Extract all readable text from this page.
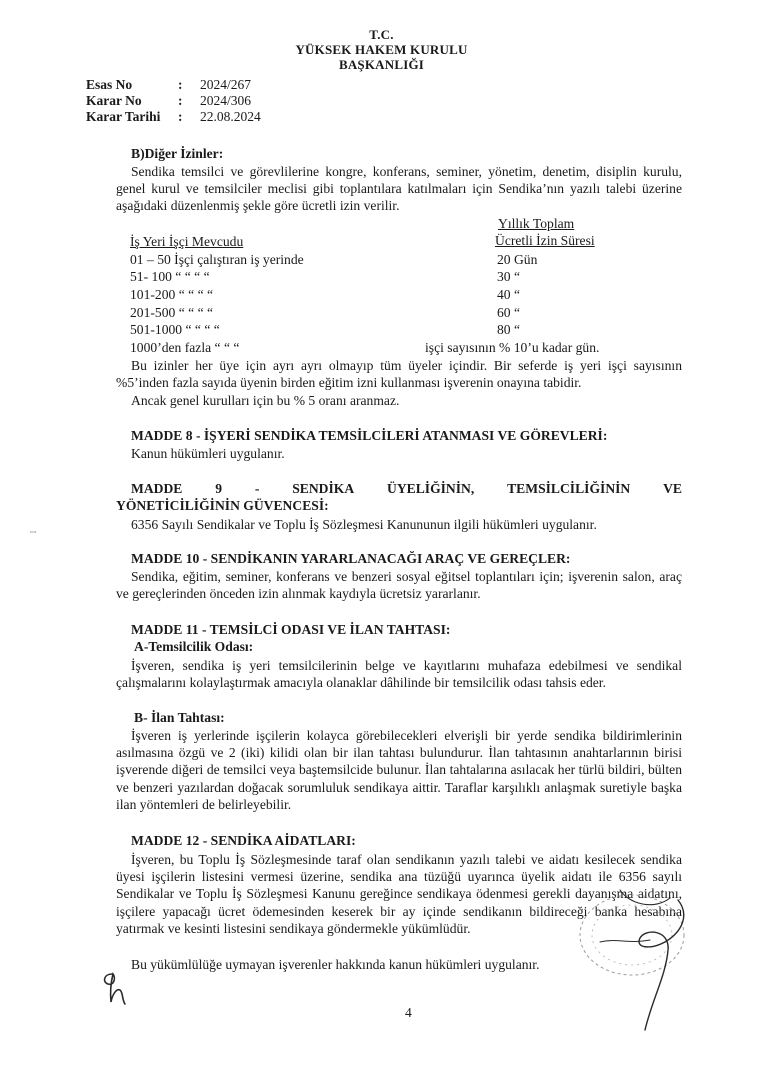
T.C.
YÜKSEK HAKEM KURULU
BAŞKANLIĞI
Esas No	: 2024/267
Karar No	: 2024/306
Karar Tarihi : 22.08.2024
B)Diğer İzinler:
Sendika temsilci ve görevlilerine kongre, konferans, seminer, yönetim, denetim, disiplin kurulu, genel kurul ve temsilciler meclisi gibi toplantılara katılmaları için Sendika’nın yazılı talebi üzerine aşağıdaki düzenlenmiş şekle göre ücretli izin verilir.
Yıllık Toplam
İş Yeri İşçi Mevcudu	Ücretli İzin Süresi
01 – 50 İşçi çalıştıran iş yerinde	20 Gün
51- 100 “ “ “ “	30 “
101-200 “ “ “ “	40 “
201-500 “ “ “ “	60 “
501-1000 “ “ “ “	80 “
1000’den fazla “ “ “	işçi sayısının % 10’u kadar gün.
Bu izinler her üye için ayrı ayrı olmayıp tüm üyeler içindir. Bir seferde iş yeri işçi sayısının %5’inden fazla sayıda üyenin birden eğitim izni kullanması işverenin onayına tabidir.
Ancak genel kurulları için bu % 5 oranı aranmaz.
MADDE 8 - İŞYERİ SENDİKA TEMSİLCİLERİ ATANMASI VE GÖREVLERİ:
Kanun hükümleri uygulanır.
MADDE 9 - SENDİKA ÜYELİĞİNİN, TEMSİLCİLİĞİNİN VE
YÖNETİCİLİĞİNİN GÜVENCESİ:
6356 Sayılı Sendikalar ve Toplu İş Sözleşmesi Kanununun ilgili hükümleri uygulanır.
MADDE 10 - SENDİKANIN YARARLANACAĞI ARAÇ VE GEREÇLER:
Sendika, eğitim, seminer, konferans ve benzeri sosyal eğitsel toplantıları için; işverenin salon, araç ve gereçlerinden önceden izin alınmak kaydıyla ücretsiz yararlanır.
MADDE 11 - TEMSİLCİ ODASI VE İLAN TAHTASI:
A-Temsilcilik Odası:
İşveren, sendika iş yeri temsilcilerinin belge ve kayıtlarını muhafaza edebilmesi ve sendikal çalışmalarını kolaylaştırmak amacıyla olanaklar dâhilinde bir temsilcilik odası tahsis eder.
B- İlan Tahtası:
İşveren iş yerlerinde işçilerin kolayca görebilecekleri elverişli bir yerde sendika bildirimlerinin asılmasına özgü ve 2 (iki) kilidi olan bir ilan tahtası bulundurur. İlan tahtasının anahtarlarının birisi işverende diğeri de temsilci veya baştemsilcide bulunur. İlan tahtalarına asılacak her türlü bildiri, bülten ve benzeri yazılardan doğacak sorumluluk sendikaya aittir. Taraflar karşılıklı anlaşmak suretiyle başka ilan yöntemleri de belirleyebilir.
MADDE 12 - SENDİKA AİDATLARI:
İşveren, bu Toplu İş Sözleşmesinde taraf olan sendikanın yazılı talebi ve aidatı kesilecek sendika üyesi işçilerin listesini vermesi üzerine, sendika ana tüzüğü uyarınca üyelik aidatı ile 6356 sayılı Sendikalar ve Toplu İş Sözleşmesi Kanunu gereğince sendikaya ödenmesi gerekli dayanışma aidatını, işçilere yapacağı ücret ödemesinden keserek bir ay içinde sendikanın bildireceği banka hesabına yatırmak ve kesinti listesini sendikaya göndermekle yükümlüdür.
Bu yükümlülüğe uymayan işverenler hakkında kanun hükümleri uygulanır.
4
ꟷ
